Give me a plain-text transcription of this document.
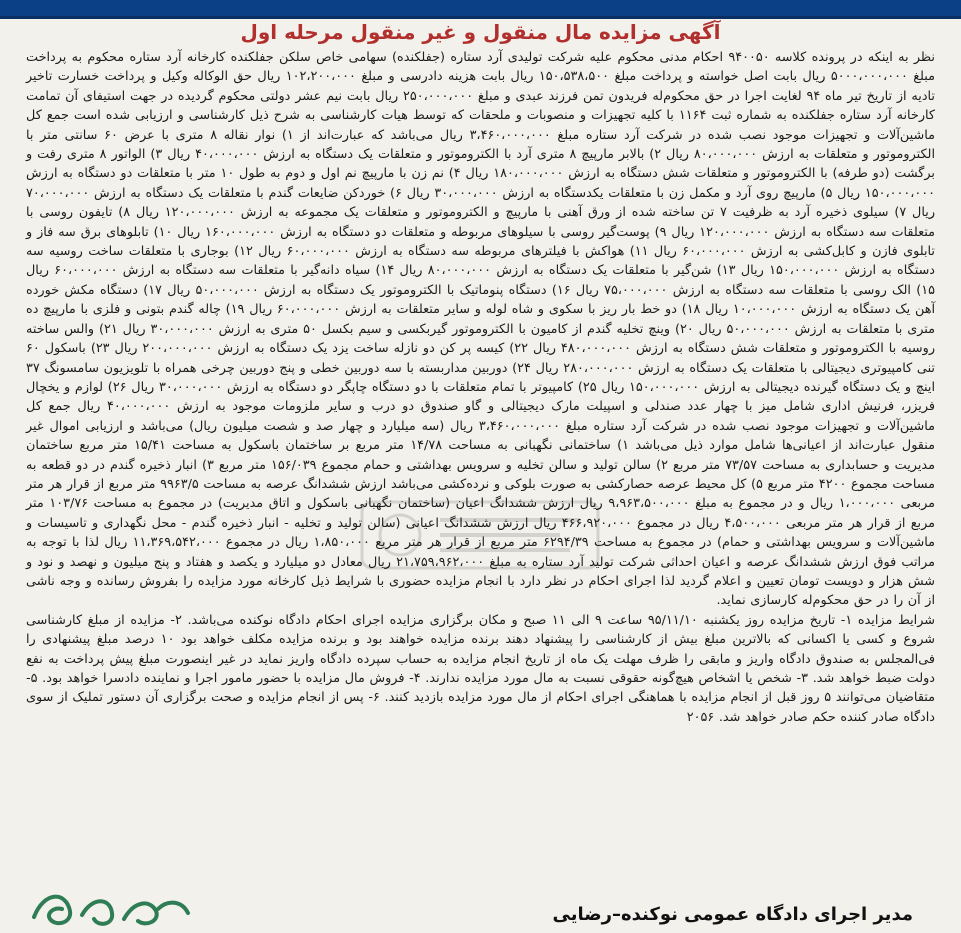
آگهی مزایده مال منقول و غیر منقول مرحله اول

نظر به اینکه در پرونده کلاسه ۹۴۰۰۵۰ احکام مدنی محکوم علیه شرکت تولیدی آرد ستاره (جفلکنده) سهامی خاص سلکن جفلکنده کارخانه آرد ستاره محکوم به پرداخت مبلغ ۵۰۰۰،۰۰۰،۰۰۰ ریال بابت اصل خواسته و پرداخت مبلغ ۱۵۰،۵۳۸،۵۰۰ ریال بابت هزینه دادرسی و مبلغ ۱۰۲،۲۰۰،۰۰۰ ریال حق الوکاله وکیل و پرداخت خسارت تاخیر تادیه از تاریخ تیر ماه ۹۴ لغایت اجرا در حق محکوم‌له فریدون تمن فرزند عبدی و مبلغ ۲۵۰،۰۰۰،۰۰۰ ریال بابت نیم عشر دولتی محکوم گردیده در جهت استیفای آن تمامت کارخانه آرد ستاره جفلکنده به شماره ثبت ۱۱۶۴ با کلیه تجهیزات و منصوبات و ملحقات که توسط هیات کارشناسی به شرح ذیل کارشناسی و ارزیابی شده است جمع کل ماشین‌آلات و تجهیزات موجود نصب شده در شرکت آرد ستاره مبلغ ۳،۴۶۰،۰۰۰،۰۰۰ ریال می‌باشد که عبارت‌اند از ۱) نوار نقاله ۸ متری با عرض ۶۰ سانتی متر با الکتروموتور و متعلقات به ارزش ۸۰،۰۰۰،۰۰۰ ریال ۲) بالابر مارپیچ ۸ متری آرد با الکتروموتور و متعلقات یک دستگاه به ارزش ۴۰،۰۰۰،۰۰۰ ریال ۳) الواتور ۸ متری رفت و برگشت (دو طرفه) با الکتروموتور و متعلقات شش دستگاه به ارزش ۱۸۰،۰۰۰،۰۰۰ ریال ۴) نم زن با مارپیچ نم اول و دوم به طول ۱۰ متر با متعلقات دو دستگاه به ارزش ۱۵۰،۰۰۰،۰۰۰ ریال ۵) مارپیچ روی آرد و مکمل زن با متعلقات یکدستگاه به ارزش ۳۰،۰۰۰،۰۰۰ ریال ۶) خوردکن ضایعات گندم با متعلقات یک دستگاه به ارزش ۷۰،۰۰۰،۰۰۰ ریال ۷) سیلوی ذخیره آرد به ظرفیت ۷ تن ساخته شده از ورق آهنی با مارپیچ و الکتروموتور و متعلقات یک مجموعه به ارزش ۱۲۰،۰۰۰،۰۰۰ ریال ۸) تایفون روسی با متعلقات سه دستگاه به ارزش ۱۲۰،۰۰۰،۰۰۰ ریال ۹) پوست‌گیر روسی با سیلوهای مربوطه و متعلقات دو دستگاه به ارزش ۱۶۰،۰۰۰،۰۰۰ ریال ۱۰) تابلوهای برق سه فاز و تابلوی فازن و کابل‌کشی به ارزش ۶۰،۰۰۰،۰۰۰ ریال ۱۱) هواکش با فیلترهای مربوطه سه دستگاه به ارزش ۶۰،۰۰۰،۰۰۰ ریال ۱۲) بوجاری با متعلقات ساخت روسیه سه دستگاه به ارزش ۱۵۰،۰۰۰،۰۰۰ ریال ۱۳) شن‌گیر با متعلقات یک دستگاه به ارزش ۸۰،۰۰۰،۰۰۰ ریال ۱۴) سیاه دانه‌گیر با متعلقات سه دستگاه به ارزش ۶۰،۰۰۰،۰۰۰ ریال ۱۵) الک روسی با متعلقات سه دستگاه به ارزش ۷۵،۰۰۰،۰۰۰ ریال ۱۶) دستگاه پنوماتیک با الکتروموتور یک دستگاه به ارزش ۵۰،۰۰۰،۰۰۰ ریال ۱۷) دستگاه مکش خورده آهن یک دستگاه به ارزش ۱۰،۰۰۰،۰۰۰ ریال ۱۸) دو خط بار ریز با سکوی و شاه لوله و سایر متعلقات به ارزش ۶۰،۰۰۰،۰۰۰ ریال ۱۹) چاله گندم بتونی و فلزی با مارپیچ ده متری با متعلقات به ارزش ۵۰،۰۰۰،۰۰۰ ریال ۲۰) وینچ تخلیه گندم از کامیون با الکتروموتور گیربکسی و سیم بکسل ۵۰ متری به ارزش ۳۰،۰۰۰،۰۰۰ ریال ۲۱) والس ساخته روسیه با الکتروموتور و متعلقات شش دستگاه به ارزش ۴۸۰،۰۰۰،۰۰۰ ریال ۲۲) کیسه پر کن دو نازله ساخت یزد یک دستگاه به ارزش ۲۰۰،۰۰۰،۰۰۰ ریال ۲۳) باسکول ۶۰ تنی کامپیوتری دیجیتالی با متعلقات یک دستگاه به ارزش ۲۸۰،۰۰۰،۰۰۰ ریال ۲۴) دوربین مداربسته با سه دوربین خطی و پنج دوربین چرخی همراه با تلویزیون سامسونگ ۳۷ اینچ و یک دستگاه گیرنده دیجیتالی به ارزش ۱۵۰،۰۰۰،۰۰۰ ریال ۲۵) کامپیوتر با تمام متعلقات با دو دستگاه چاپگر دو دستگاه به ارزش ۳۰،۰۰۰،۰۰۰ ریال ۲۶) لوازم و یخچال فریزر، فرنیش اداری شامل میز با چهار عدد صندلی و اسپیلت مارک دیجیتالی و گاو صندوق دو درب و سایر ملزومات موجود به ارزش ۴۰،۰۰۰،۰۰۰ ریال جمع کل ماشین‌آلات و تجهیزات موجود نصب شده در شرکت آرد ستاره مبلغ ۳،۴۶۰،۰۰۰،۰۰۰ ریال (سه میلیارد و چهار صد و شصت میلیون ریال) می‌باشد و ارزیابی اموال غیر منقول عبارت‌اند از اعیانی‌ها شامل موارد ذیل می‌باشد ۱) ساختمانی نگهبانی به مساحت ۱۴/۷۸ متر مربع بر ساختمان باسکول به مساحت ۱۵/۴۱ متر مربع ساختمان مدیریت و حسابداری به مساحت ۷۳/۵۷ متر مربع ۲) سالن تولید و سالن تخلیه و سرویس بهداشتی و حمام مجموع ۱۵۶/۰۳۹ متر مربع ۳) انبار ذخیره گندم در دو قطعه به مساحت مجموع ۴۲۰۰ متر مربع ۵) کل محیط عرصه حصارکشی به صورت بلوکی و نرده‌کشی می‌باشد ارزش ششدانگ عرصه به مساحت ۹۹۶۳/۵ متر مربع از قرار هر متر مربعی ۱،۰۰۰،۰۰۰ ریال و در مجموع به مبلغ ۹،۹۶۳،۵۰۰،۰۰۰ ریال ارزش ششدانگ اعیان (ساختمان نگهبانی باسکول و اتاق مدیریت) در مجموع به مساحت ۱۰۳/۷۶ متر مربع از قرار هر متر مربعی ۴،۵۰۰،۰۰۰ ریال در مجموع ۴۶۶،۹۲۰،۰۰۰ ریال ارزش ششدانگ اعیانی (سالن تولید و تخلیه - انبار ذخیره گندم - محل نگهداری و تاسیسات و ماشین‌آلات و سرویس بهداشتی و حمام) در مجموع به مساحت ۶۲۹۴/۳۹ متر مربع از قرار هر متر مربع ۱،۸۵۰،۰۰۰ ریال در مجموع ۱۱،۳۶۹،۵۴۲،۰۰۰ ریال لذا با توجه به مراتب فوق ارزش ششدانگ عرصه و اعیان احداثی شرکت تولید آرد ستاره به مبلغ ۲۱،۷۵۹،۹۶۲،۰۰۰ ریال معادل دو میلیارد و یکصد و هفتاد و پنج میلیون و نهصد و نود و شش هزار و دویست تومان تعیین و اعلام گردید لذا اجرای احکام در نظر دارد با انجام مزایده حضوری با شرایط ذیل کارخانه مورد مزایده را بفروش رسانده و وجه ناشی از آن را در حق محکوم‌له کارسازی نماید.

شرایط مزایده ۱- تاریخ مزایده روز یکشنبه ۹۵/۱۱/۱۰ ساعت ۹ الی ۱۱ صبح و مکان برگزاری مزایده اجرای احکام دادگاه نوکنده می‌باشد. ۲- مزایده از مبلغ کارشناسی شروع و کسی یا اکسانی که بالاترین مبلغ بیش از کارشناسی را پیشنهاد دهند برنده مزایده خواهند بود و برنده مزایده مکلف خواهد بود ۱۰ درصد مبلغ پیشنهادی را فی‌المجلس به صندوق دادگاه واریز و مابقی را ظرف مهلت یک ماه از تاریخ انجام مزایده به حساب سپرده دادگاه واریز نماید در غیر اینصورت مبلغ پیش پرداخت به نفع دولت ضبط خواهد شد. ۳- شخص یا اشخاص هیچ‌گونه حقوقی نسبت به مال مورد مزایده ندارند. ۴- فروش مال مزایده با حضور مامور اجرا و نماینده دادسرا خواهد بود. ۵- متقاضیان می‌توانند ۵ روز قبل از انجام مزایده با هماهنگی اجرای احکام از مال مورد مزایده بازدید کنند. ۶- پس از انجام مزایده و صحت برگزاری آن دستور تملیک از سوی دادگاه صادر کننده حکم صادر خواهد شد. ۲۰۵۶

مدیر اجرای دادگاه عمومی نوکنده–رضایی
